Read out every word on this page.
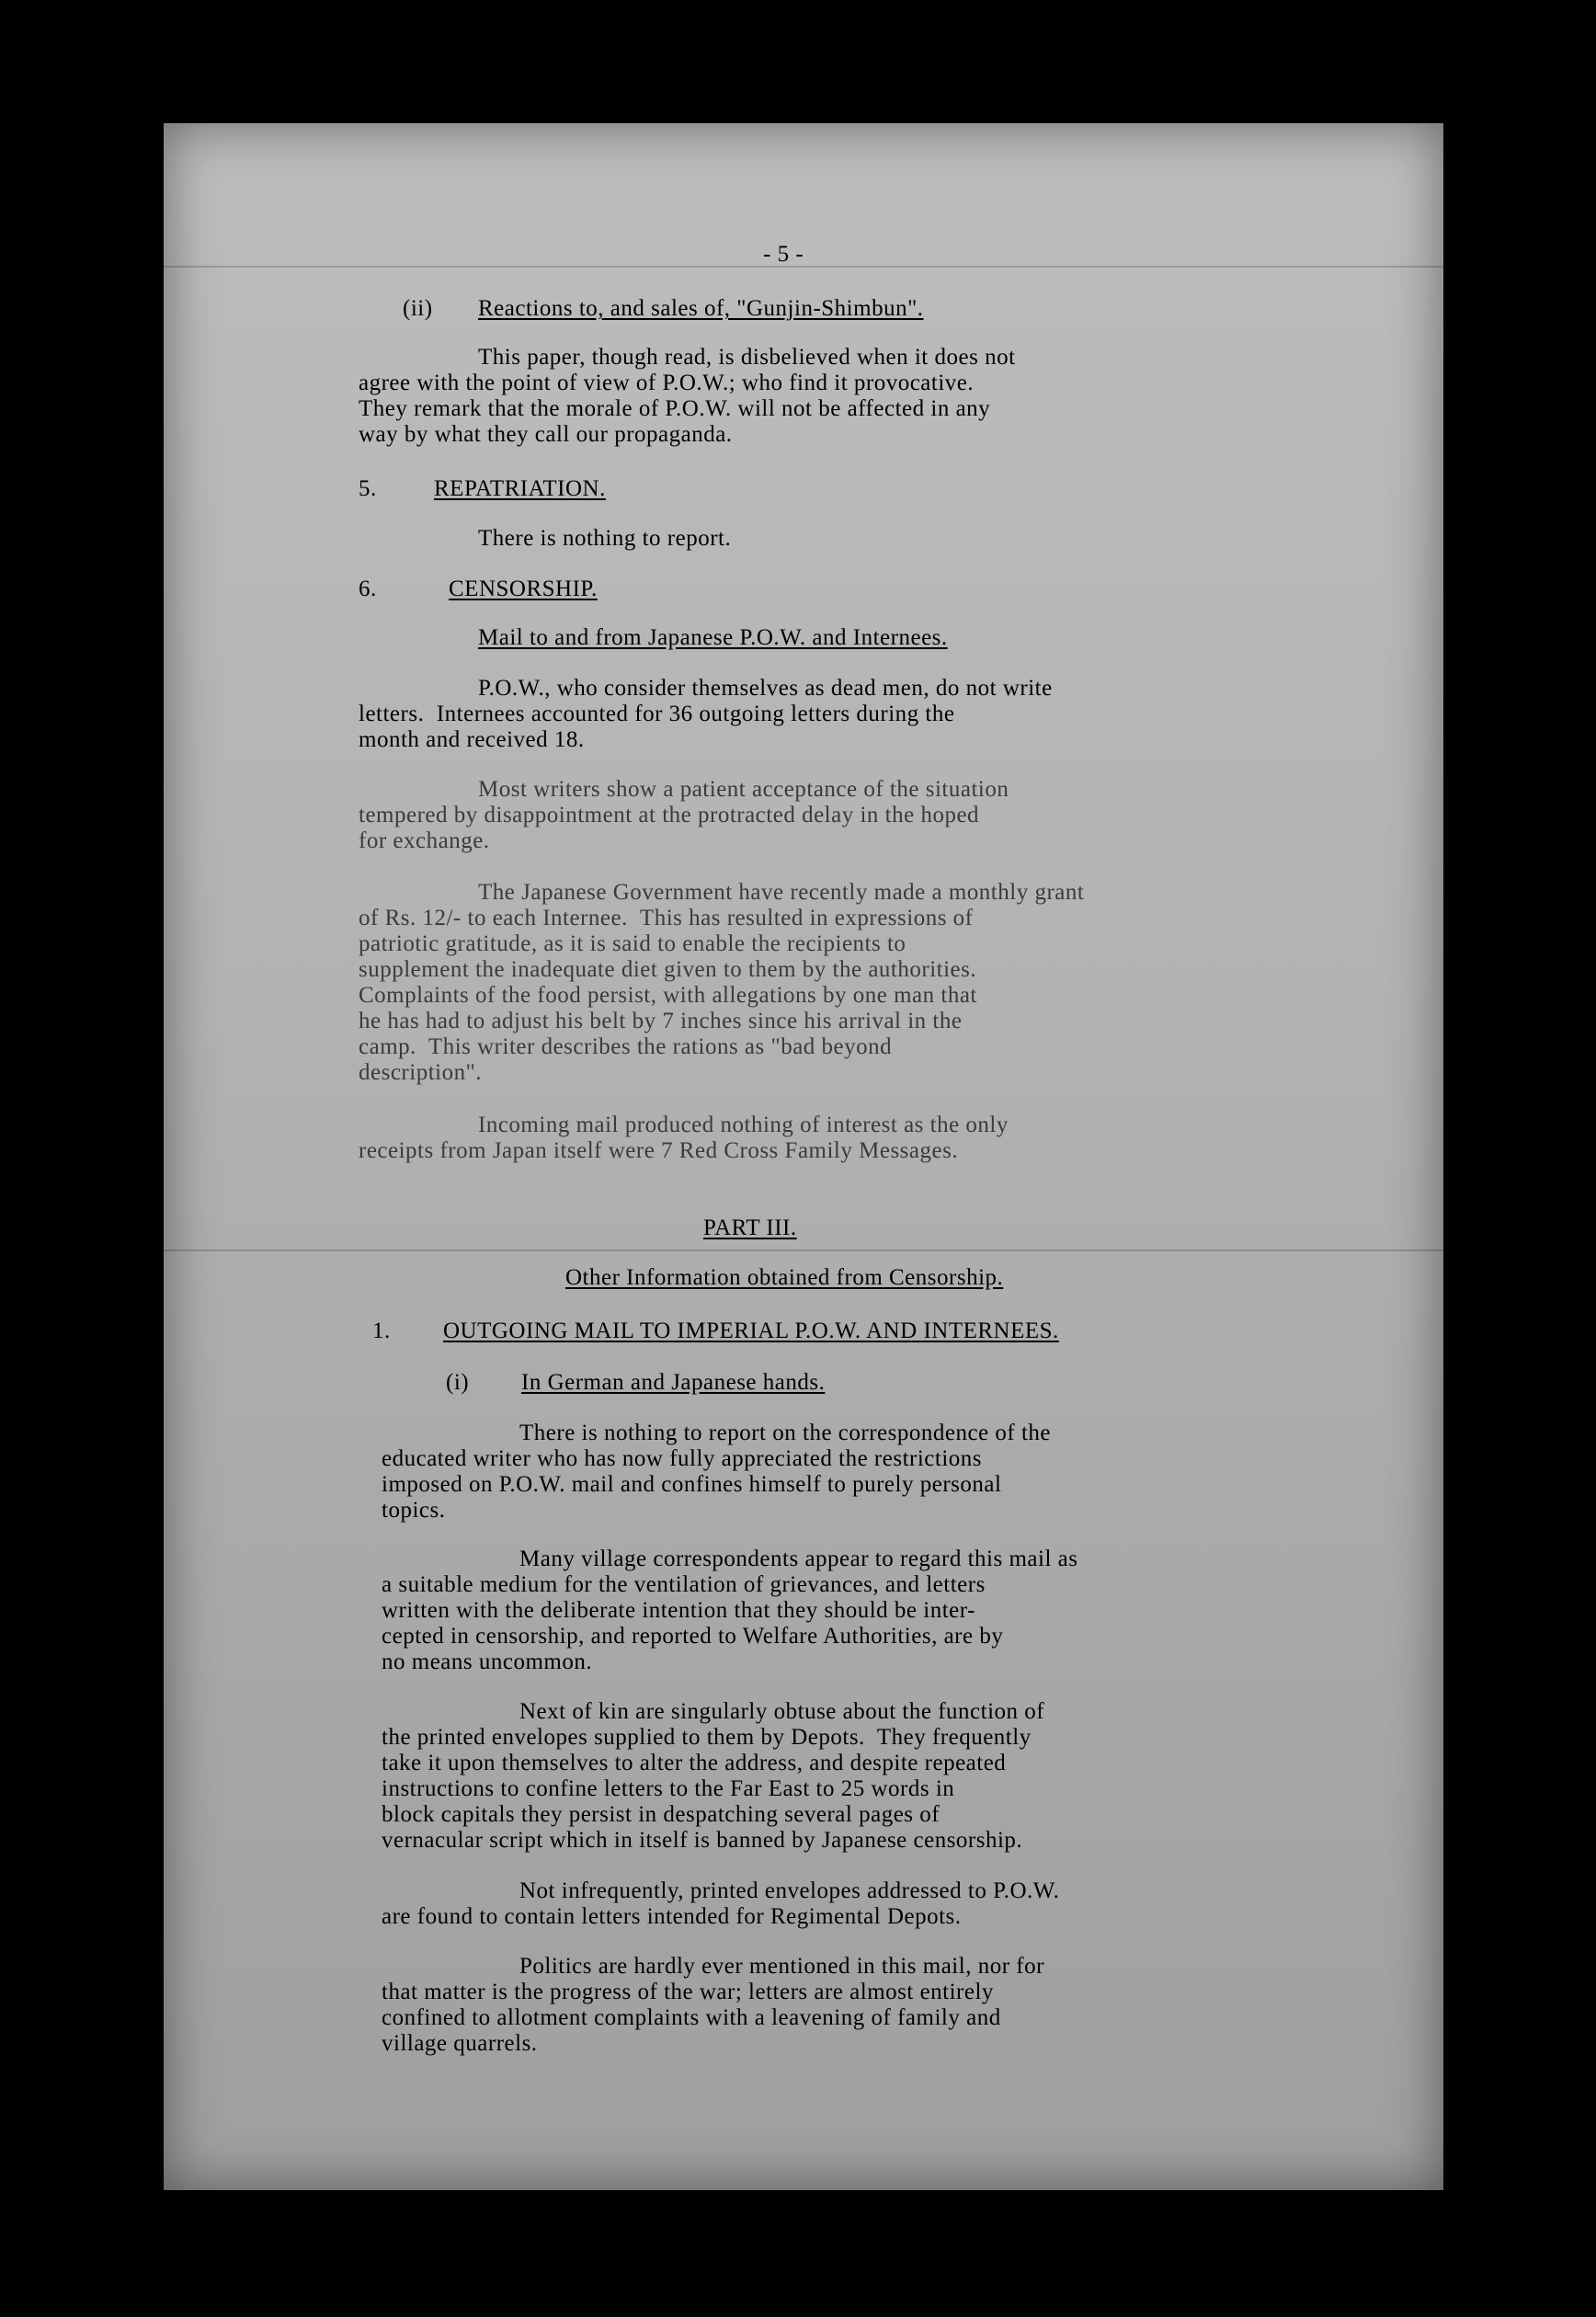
- 5 -
(ii) Reactions to, and sales of, "Gunjin-Shimbun".
This paper, though read, is disbelieved when it does not
agree with the point of view of P.O.W.; who find it provocative.
They remark that the morale of P.O.W. will not be affected in any
way by what they call our propaganda.
5. REPATRIATION.
There is nothing to report.
6.	CENSORSHIP.
Mail to and from Japanese P.O.W. and Internees.
P.O.W., who consider themselves as dead men, do not write
letters.  Internees accounted for 36 outgoing letters during the
month and received 18.
Most writers show a patient acceptance of the situation
tempered by disappointment at the protracted delay in the hoped
for exchange.
The Japanese Government have recently made a monthly grant
of Rs. 12/- to each Internee.  This has resulted in expressions of
patriotic gratitude, as it is said to enable the recipients to
supplement the inadequate diet given to them by the authorities.
Complaints of the food persist, with allegations by one man that
he has had to adjust his belt by 7 inches since his arrival in the
camp.  This writer describes the rations as "bad beyond
description".
Incoming mail produced nothing of interest as the only
receipts from Japan itself were 7 Red Cross Family Messages.
PART III.
Other Information obtained from Censorship.
1. OUTGOING MAIL TO IMPERIAL P.O.W. AND INTERNEES.
(i) In German and Japanese hands.
There is nothing to report on the correspondence of the
educated writer who has now fully appreciated the restrictions
imposed on P.O.W. mail and confines himself to purely personal
topics.
Many village correspondents appear to regard this mail as
a suitable medium for the ventilation of grievances, and letters
written with the deliberate intention that they should be inter-
cepted in censorship, and reported to Welfare Authorities, are by
no means uncommon.
Next of kin are singularly obtuse about the function of
the printed envelopes supplied to them by Depots.  They frequently
take it upon themselves to alter the address, and despite repeated
instructions to confine letters to the Far East to 25 words in
block capitals they persist in despatching several pages of
vernacular script which in itself is banned by Japanese censorship.
Not infrequently, printed envelopes addressed to P.O.W.
are found to contain letters intended for Regimental Depots.
Politics are hardly ever mentioned in this mail, nor for
that matter is the progress of the war; letters are almost entirely
confined to allotment complaints with a leavening of family and
village quarrels.
